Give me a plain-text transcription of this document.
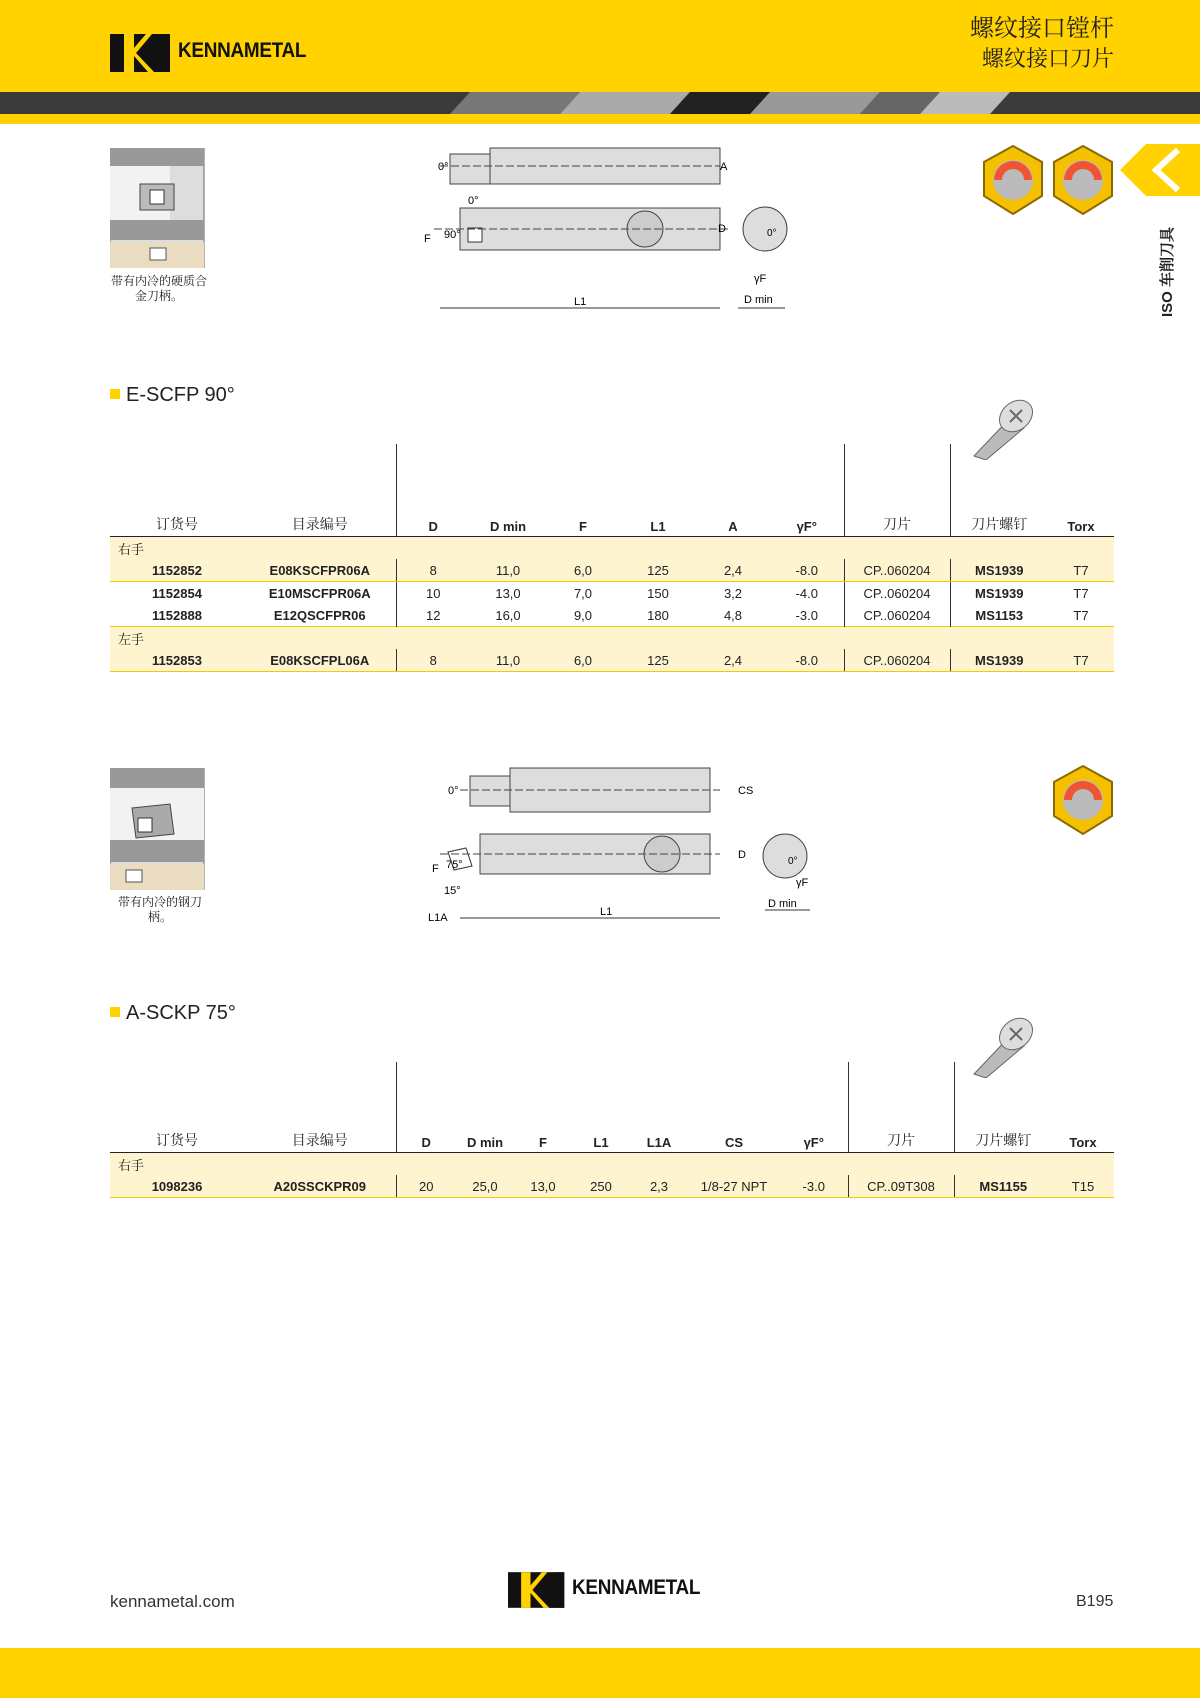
KENNAMETAL
螺纹接口镗杆
螺纹接口刀片
ISO 车削刀具
带有内冷的硬质合金刀柄。
0°
0°
A
D
F 90°
L1
γF
0°
D min
E-SCFP 90°

订货号	目录编号	D	D min	F	L1	A	γF°	刀片	刀片螺钉	Torx
右手										
1152852	E08KSCFPR06A	8	11,0	6,0	125	2,4	-8.0	CP..060204	MS1939	T7
1152854	E10MSCFPR06A	10	13,0	7,0	150	3,2	-4.0	CP..060204	MS1939	T7
1152888	E12QSCFPR06	12	16,0	9,0	180	4,8	-3.0	CP..060204	MS1153	T7
左手										
1152853	E08KSCFPL06A	8	11,0	6,0	125	2,4	-8.0	CP..060204	MS1939	T7
带有内冷的钢刀柄。
0°	CS
D
F 75°
15°
L1A	L1
γF
0°
D min
A-SCKP 75°

订货号	目录编号	D	D min	F	L1	L1A	CS	γF°	刀片	刀片螺钉	Torx
右手											
1098236	A20SSCKPR09	20	25,0	13,0	250	2,3	1/8-27 NPT	-3.0	CP..09T308	MS1155	T15
kennametal.com
KENNAMETAL
B195
